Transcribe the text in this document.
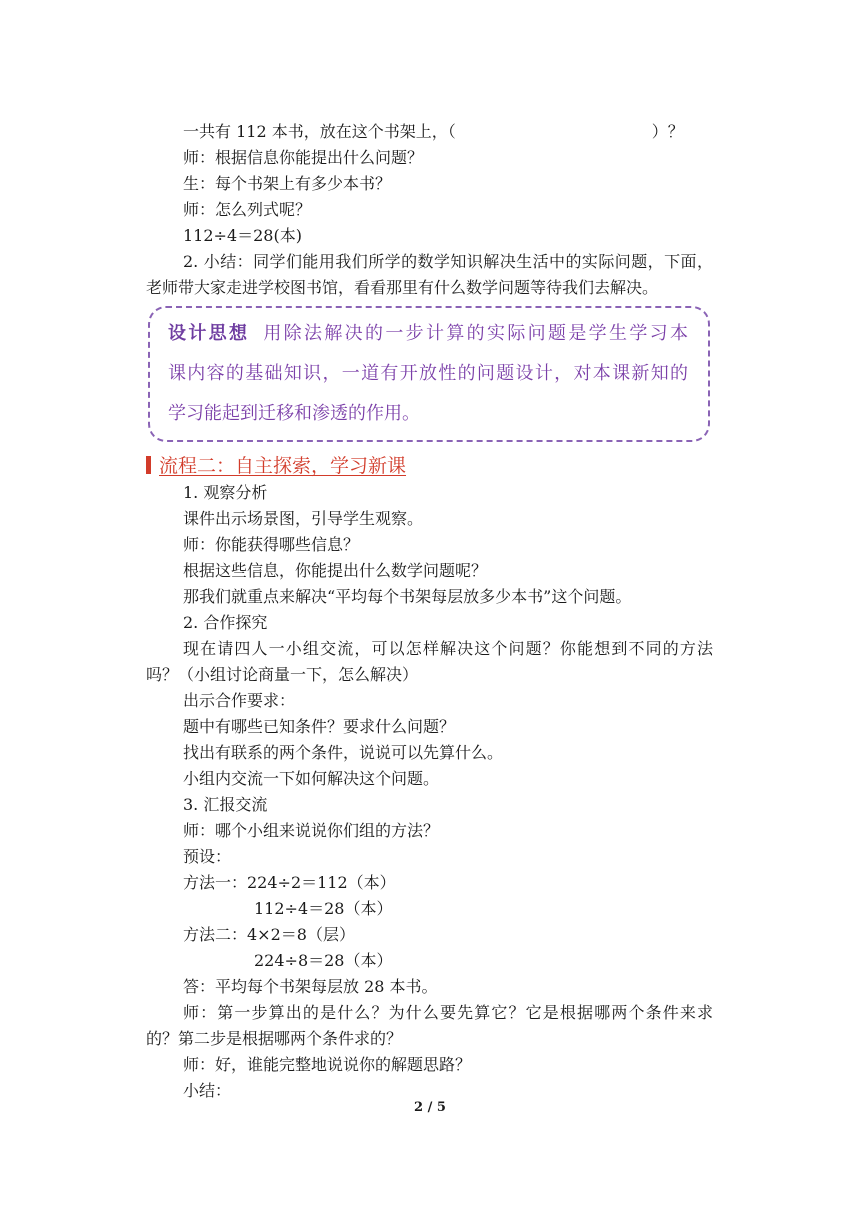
一共有 112 本书，放在这个书架上，（	）？
师：根据信息你能提出什么问题？
生：每个书架上有多少本书？
师：怎么列式呢？
112÷4＝28(本)
2. 小结：同学们能用我们所学的数学知识解决生活中的实际问题，下面，
老师带大家走进学校图书馆，看看那里有什么数学问题等待我们去解决。
设计思想 用除法解决的一步计算的实际问题是学生学习本
课内容的基础知识，一道有开放性的问题设计，对本课新知的
学习能起到迁移和渗透的作用。
流程二：自主探索，学习新课
1. 观察分析
课件出示场景图，引导学生观察。
师：你能获得哪些信息？
根据这些信息，你能提出什么数学问题呢？
那我们就重点来解决“平均每个书架每层放多少本书”这个问题。
2. 合作探究
现在请四人一小组交流，可以怎样解决这个问题？你能想到不同的方法
吗？（小组讨论商量一下，怎么解决）
出示合作要求：
题中有哪些已知条件？要求什么问题？
找出有联系的两个条件，说说可以先算什么。
小组内交流一下如何解决这个问题。
3. 汇报交流
师：哪个小组来说说你们组的方法？
预设：
方法一：224÷2＝112（本）
112÷4＝28（本）
方法二：4×2＝8（层）
224÷8＝28（本）
答：平均每个书架每层放 28 本书。
师：第一步算出的是什么？为什么要先算它？它是根据哪两个条件来求
的？第二步是根据哪两个条件求的？
师：好，谁能完整地说说你的解题思路？
小结：
2 / 5
